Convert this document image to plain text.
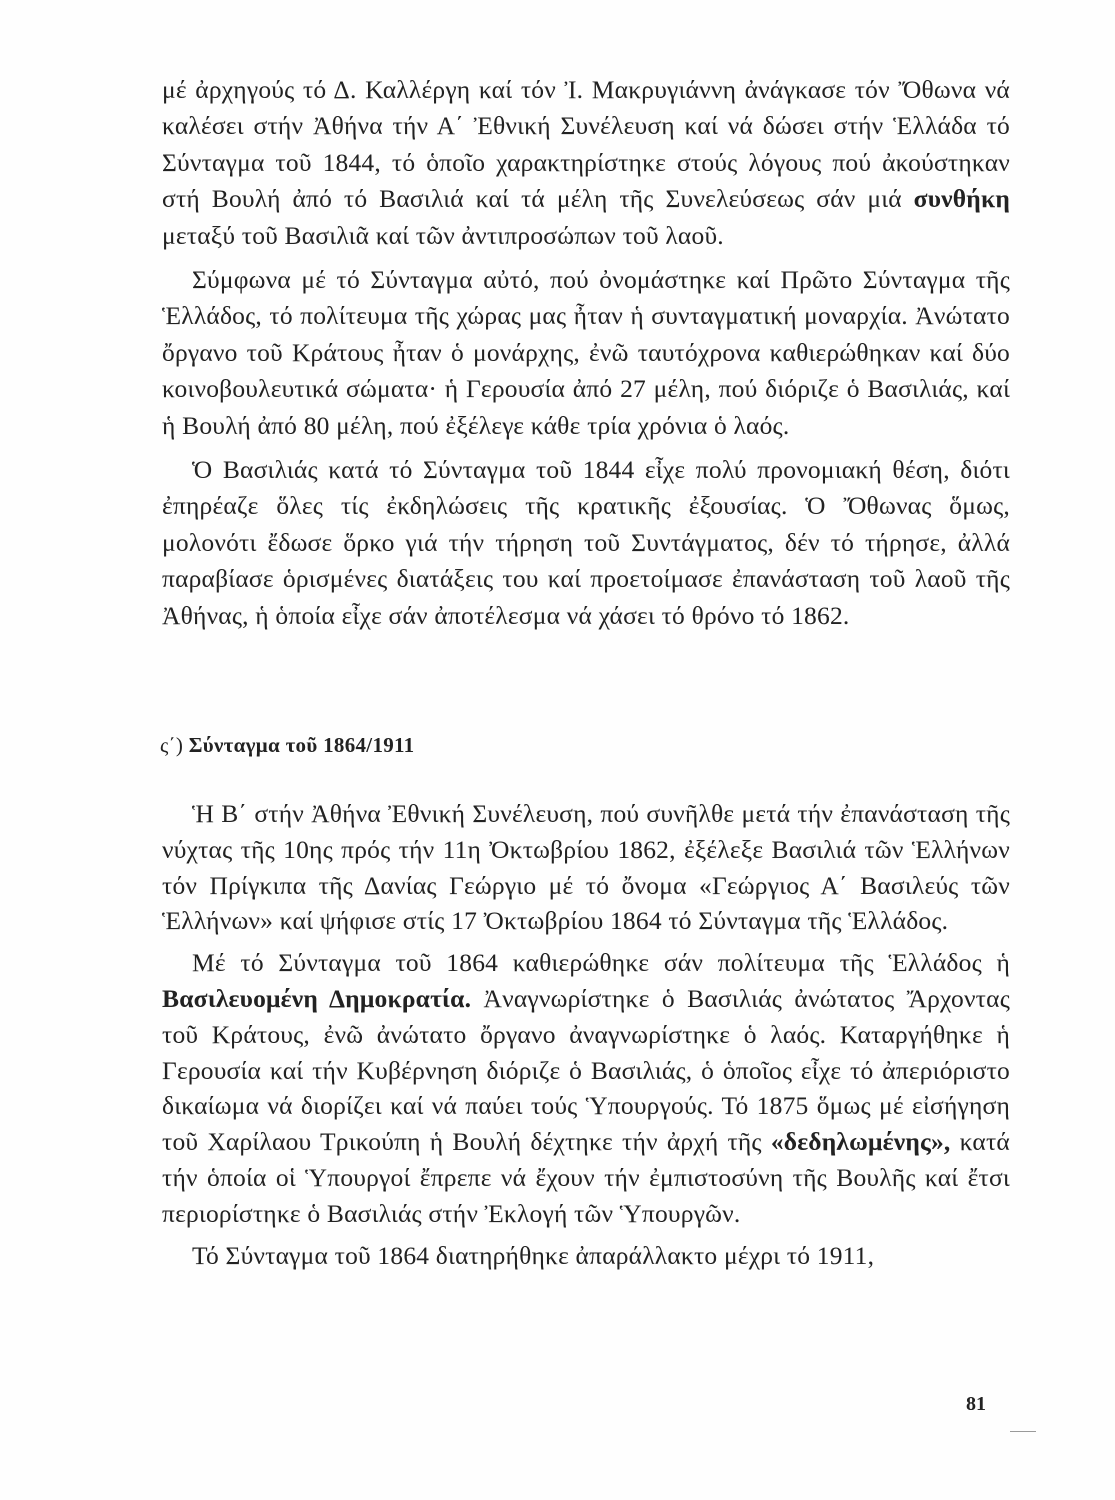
μέ ἀρχηγούς τό Δ. Καλλέργη καί τόν Ἰ. Μακρυγιάννη ἀνάγκασε τόν Ὄθωνα νά καλέσει στήν Ἀθήνα τήν Α΄ Ἐθνική Συνέλευση καί νά δώσει στήν Ἑλλάδα τό Σύνταγμα τοῦ 1844, τό ὁποῖο χαρακτηρίστηκε στούς λόγους πού ἀκούστηκαν στή Βουλή ἀπό τό Βασιλιά καί τά μέλη τῆς Συνελεύσεως σάν μιά συνθήκη μεταξύ τοῦ Βασιλιᾶ καί τῶν ἀντιπροσώπων τοῦ λαοῦ.

Σύμφωνα μέ τό Σύνταγμα αὐτό, πού ὀνομάστηκε καί Πρῶτο Σύνταγμα τῆς Ἑλλάδος, τό πολίτευμα τῆς χώρας μας ἦταν ἡ συνταγματική μοναρχία. Ἀνώτατο ὄργανο τοῦ Κράτους ἦταν ὁ μονάρχης, ἐνῶ ταυτόχρονα καθιερώθηκαν καί δύο κοινοβουλευτικά σώματα· ἡ Γερουσία ἀπό 27 μέλη, πού διόριζε ὁ Βασιλιάς, καί ἡ Βουλή ἀπό 80 μέλη, πού ἐξέλεγε κάθε τρία χρόνια ὁ λαός.

Ὁ Βασιλιάς κατά τό Σύνταγμα τοῦ 1844 εἶχε πολύ προνομιακή θέση, διότι ἐπηρέαζε ὅλες τίς ἐκδηλώσεις τῆς κρατικῆς ἐξουσίας. Ὁ Ὄθωνας ὅμως, μολονότι ἔδωσε ὅρκο γιά τήν τήρηση τοῦ Συντάγματος, δέν τό τήρησε, ἀλλά παραβίασε ὁρισμένες διατάξεις του καί προετοίμασε ἐπανάσταση τοῦ λαοῦ τῆς Ἀθήνας, ἡ ὁποία εἶχε σάν ἀποτέλεσμα νά χάσει τό θρόνο τό 1862.

ς΄) Σύνταγμα τοῦ 1864/1911

Ἡ Β΄ στήν Ἀθήνα Ἐθνική Συνέλευση, πού συνῆλθε μετά τήν ἐπανάσταση τῆς νύχτας τῆς 10ης πρός τήν 11η Ὀκτωβρίου 1862, ἐξέλεξε Βασιλιά τῶν Ἑλλήνων τόν Πρίγκιπα τῆς Δανίας Γεώργιο μέ τό ὄνομα «Γεώργιος Α΄ Βασιλεύς τῶν Ἑλλήνων» καί ψήφισε στίς 17 Ὀκτωβρίου 1864 τό Σύνταγμα τῆς Ἑλλάδος.

Μέ τό Σύνταγμα τοῦ 1864 καθιερώθηκε σάν πολίτευμα τῆς Ἑλλάδος ἡ Βασιλευομένη Δημοκρατία. Ἀναγνωρίστηκε ὁ Βασιλιάς ἀνώτατος Ἄρχοντας τοῦ Κράτους, ἐνῶ ἀνώτατο ὄργανο ἀναγνωρίστηκε ὁ λαός. Καταργήθηκε ἡ Γερουσία καί τήν Κυβέρνηση διόριζε ὁ Βασιλιάς, ὁ ὁποῖος εἶχε τό ἀπεριόριστο δικαίωμα νά διορίζει καί νά παύει τούς Ὑπουργούς. Τό 1875 ὅμως μέ εἰσήγηση τοῦ Χαρίλαου Τρικούπη ἡ Βουλή δέχτηκε τήν ἀρχή τῆς «δεδηλωμένης», κατά τήν ὁποία οἱ Ὑπουργοί ἔπρεπε νά ἔχουν τήν ἐμπιστοσύνη τῆς Βουλῆς καί ἔτσι περιορίστηκε ὁ Βασιλιάς στήν Ἐκλογή τῶν Ὑπουργῶν.

Τό Σύνταγμα τοῦ 1864 διατηρήθηκε ἀπαράλλακτο μέχρι τό 1911,

81
